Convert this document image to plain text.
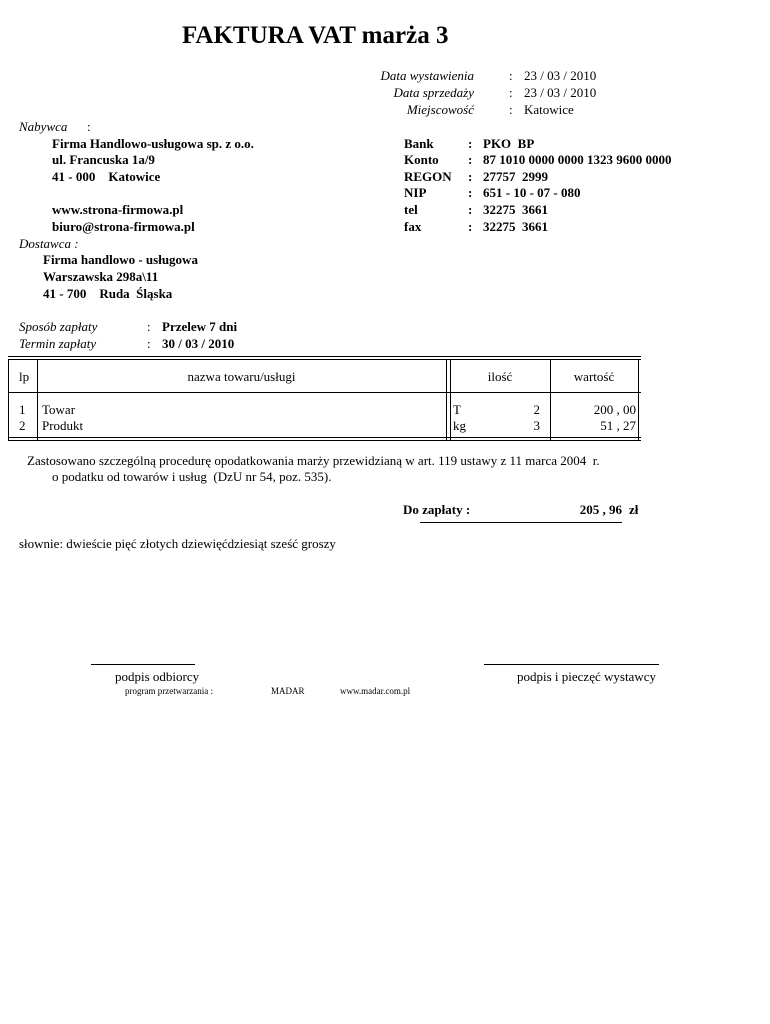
FAKTURA VAT marża 3
Data wystawienia	: 23 / 03 / 2010
Data sprzedaży	: 23 / 03 / 2010
Miejscowość	: Katowice
Nabywca :
Firma Handlowo-usługowa sp. z o.o.
ul. Francuska 1a/9
41 - 000    Katowice
www.strona-firmowa.pl
biuro@strona-firmowa.pl
Bank	: PKO  BP
Konto : 87 1010 0000 0000 1323 9600 0000
REGON : 27757  2999
NIP	: 651 - 10 - 07 - 080
tel	: 32275  3661
fax	: 32275  3661
Dostawca :
Firma handlowo - usługowa
Warszawska 298a\11
41 - 700    Ruda  Śląska
Sposób zapłaty	: Przelew 7 dni
Termin zapłaty	: 30 / 03 / 2010
lp	nazwa towaru/usługi	ilość	wartość
1 Towar	T	2	200 , 00
2 Produkt	kg	3	51 , 27
Zastosowano szczególną procedurę opodatkowania marży przewidzianą w art. 119 ustawy z 11 marca 2004  r.
o podatku od towarów i usług  (DzU nr 54, poz. 535).
Do zapłaty :	205 , 96 zł
słownie: dwieście pięć złotych dziewięćdziesiąt sześć groszy
podpis odbiorcy	podpis i pieczęć wystawcy
program przetwarzania :	MADAR	www.madar.com.pl
